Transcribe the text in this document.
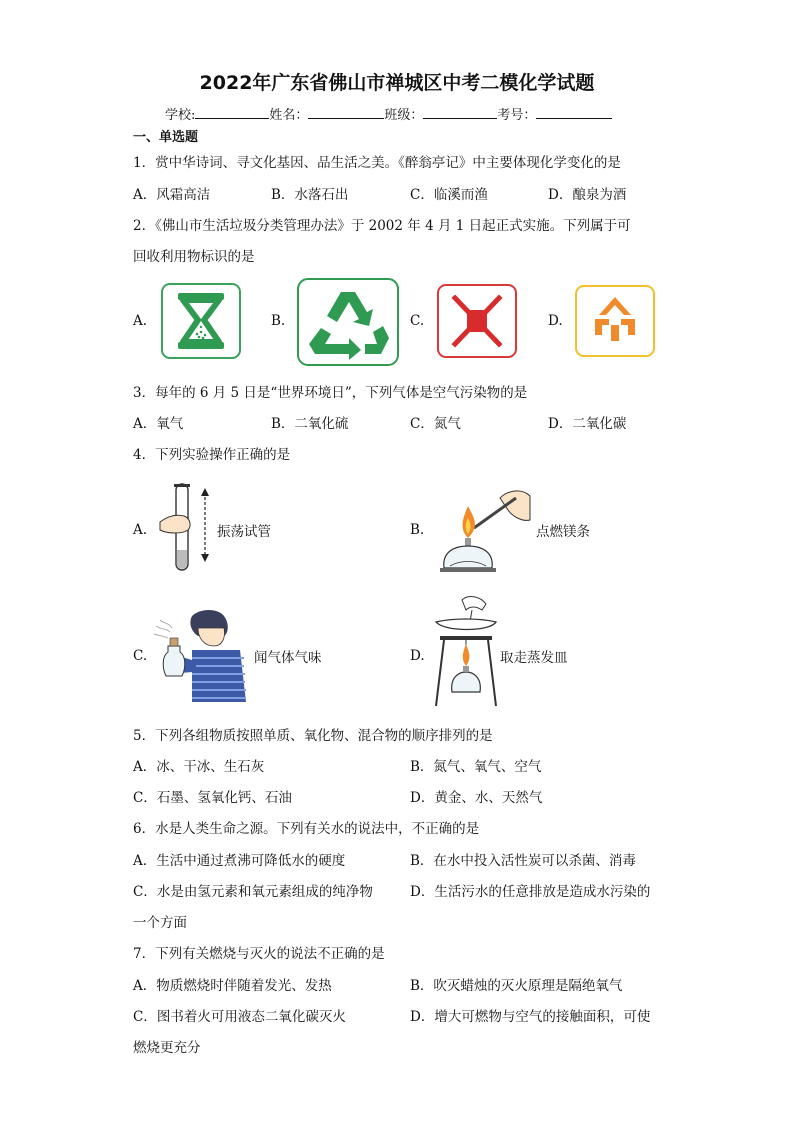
2022年广东省佛山市禅城区中考二模化学试题
学校:	姓名：	班级：	考号：
一、单选题
1．赏中华诗词、寻文化基因、品生活之美。《醉翁亭记》中主要体现化学变化的是
A．风霜高洁	B．水落石出	C．临溪而渔	D．酿泉为酒
2．《佛山市生活垃圾分类管理办法》于 2002 年 4 月 1 日起正式实施。下列属于可
回收利用物标识的是
A.	B.	C.	D.
3．每年的 6 月 5 日是“世界环境日”，下列气体是空气污染物的是
A．氧气	B．二氧化硫	C．氮气	D．二氧化碳
4．下列实验操作正确的是
A.	振荡试管	B.	点燃镁条
C.	闻气体气味	D.	取走蒸发皿
5．下列各组物质按照单质、氧化物、混合物的顺序排列的是
A．冰、干冰、生石灰	B．氮气、氧气、空气
C．石墨、氢氧化钙、石油	D．黄金、水、天然气
6．水是人类生命之源。下列有关水的说法中，不正确的是
A．生活中通过煮沸可降低水的硬度	B．在水中投入活性炭可以杀菌、消毒
C．水是由氢元素和氧元素组成的纯净物	D．生活污水的任意排放是造成水污染的
一个方面
7．下列有关燃烧与灭火的说法不正确的是
A．物质燃烧时伴随着发光、发热	B．吹灭蜡烛的灭火原理是隔绝氧气
C．图书着火可用液态二氧化碳灭火	D．增大可燃物与空气的接触面积，可使
燃烧更充分
